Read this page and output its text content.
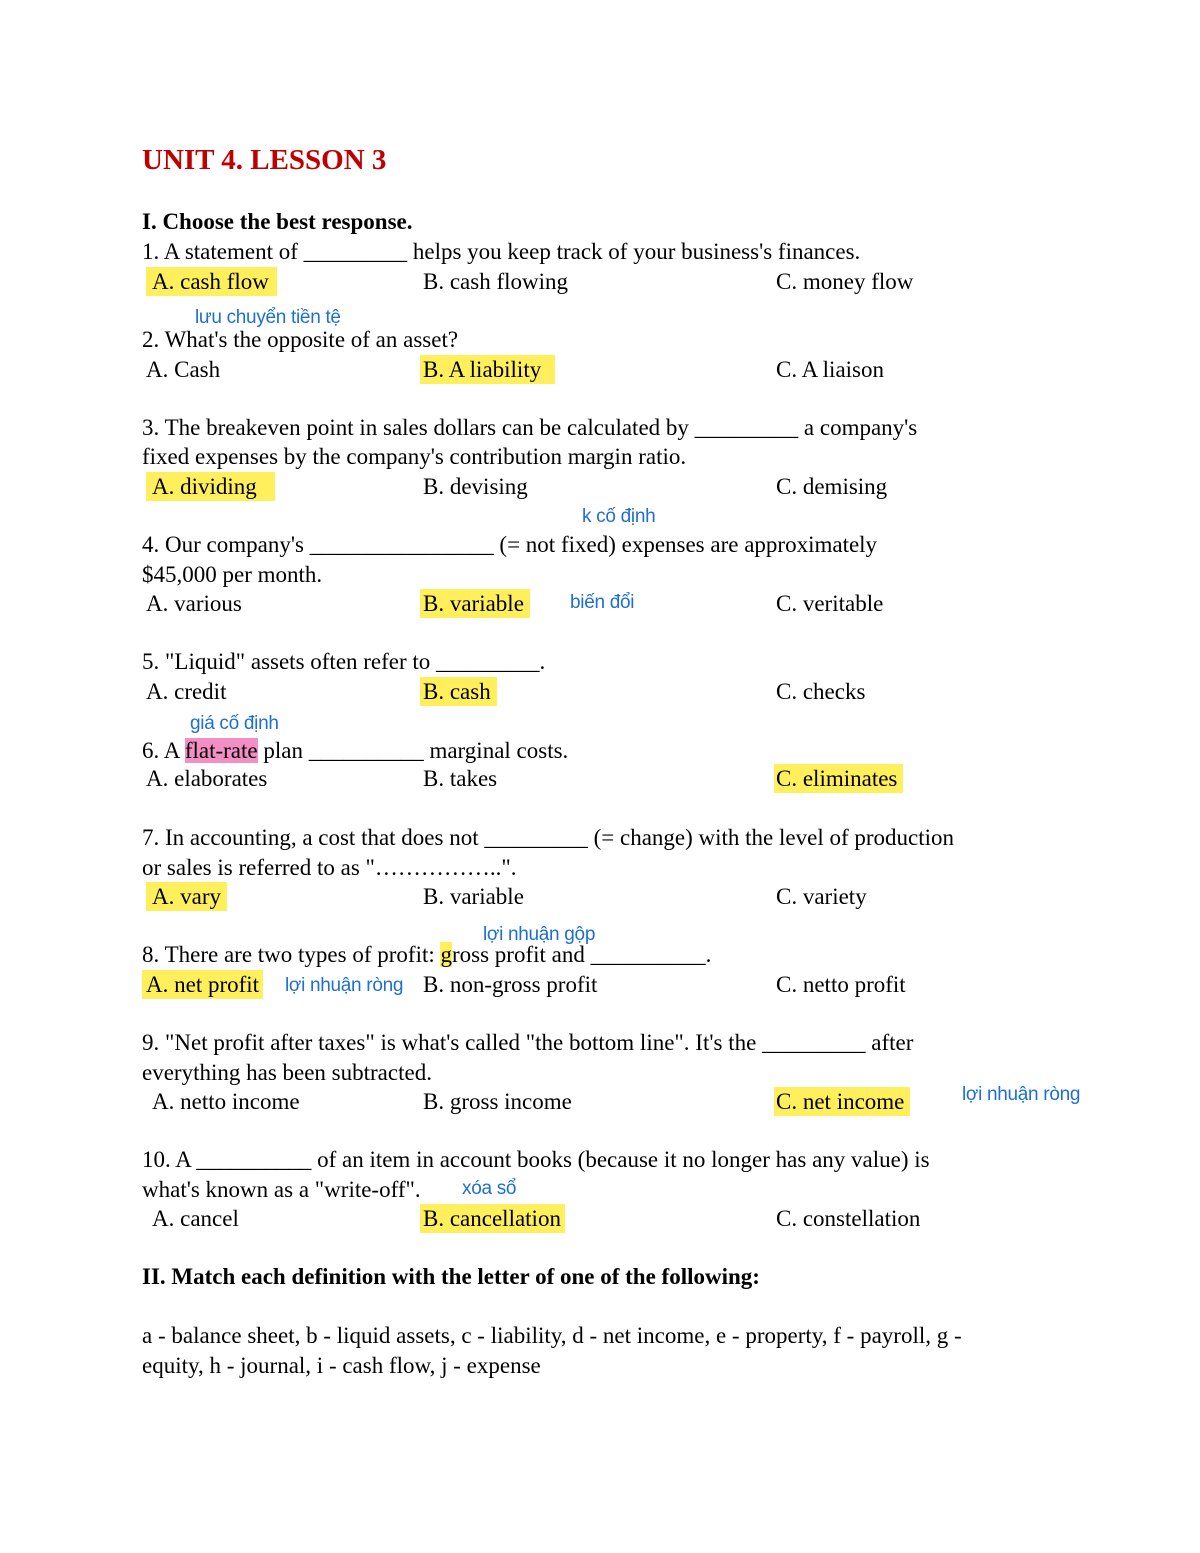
UNIT 4. LESSON 3
I. Choose the best response.
1. A statement of _________ helps you keep track of your business's finances.
A. cash flow	B. cash flowing	C. money flow
lưu chuyển tiền tệ
2. What's the opposite of an asset?
A. Cash	B. A liability	C. A liaison
3. The breakeven point in sales dollars can be calculated by _________ a company's
fixed expenses by the company's contribution margin ratio.
A. dividing	B. devising	C. demising
k cố định
4. Our company's ________________ (= not fixed) expenses are approximately
$45,000 per month.
A. various	B. variable	biến đổi	C. veritable
5. "Liquid" assets often refer to _________.
A. credit	B. cash	C. checks
giá cố định
6. A flat-rate plan __________ marginal costs.
A. elaborates	B. takes	C. eliminates
7. In accounting, a cost that does not _________ (= change) with the level of production
or sales is referred to as "……………..".
A. vary	B. variable	C. variety
lợi nhuận gộp
8. There are two types of profit: gross profit and __________.
A. net profit lợi nhuận ròng B. non-gross profit	C. netto profit
9. "Net profit after taxes" is what's called "the bottom line". It's the _________ after
everything has been subtracted.
A. netto income	B. gross income	C. net income	lợi nhuận ròng
10. A __________ of an item in account books (because it no longer has any value) is
what's known as a "write-off". xóa sổ
A. cancel	B. cancellation	C. constellation
II. Match each definition with the letter of one of the following:
a - balance sheet, b - liquid assets, c - liability, d - net income, e - property, f - payroll, g -
equity, h - journal, i - cash flow, j - expense
